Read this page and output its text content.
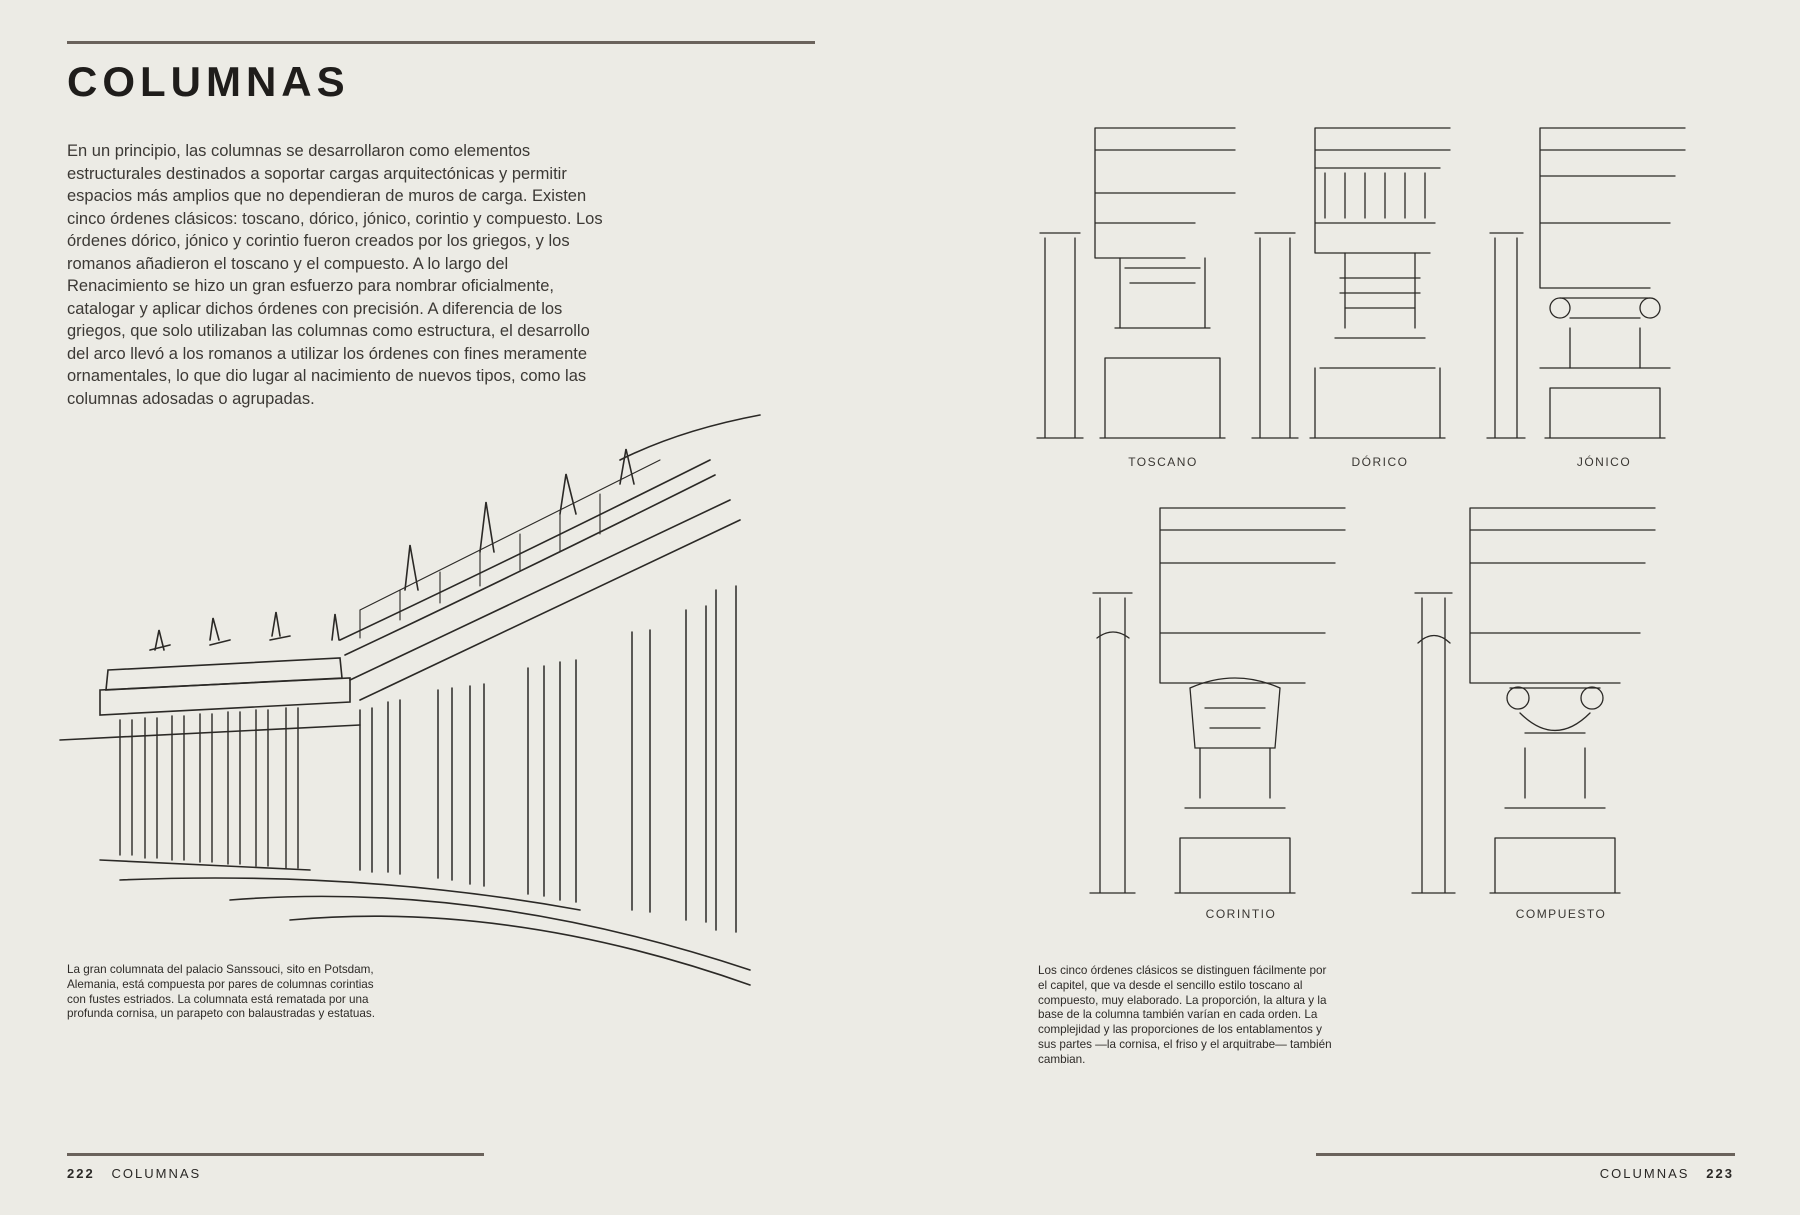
COLUMNAS

En un principio, las columnas se desarrollaron como elementos estructurales destinados a soportar cargas arquitectónicas y permitir espacios más amplios que no dependieran de muros de carga. Existen cinco órdenes clásicos: toscano, dórico, jónico, corintio y compuesto. Los órdenes dórico, jónico y corintio fueron creados por los griegos, y los romanos añadieron el toscano y el compuesto. A lo largo del Renacimiento se hizo un gran esfuerzo para nombrar oficialmente, catalogar y aplicar dichos órdenes con precisión. A diferencia de los griegos, que solo utilizaban las columnas como estructura, el desarrollo del arco llevó a los romanos a utilizar los órdenes con fines meramente ornamentales, lo que dio lugar al nacimiento de nuevos tipos, como las columnas adosadas o agrupadas.

La gran columnata del palacio Sanssouci, sito en Potsdam, Alemania, está compuesta por pares de columnas corintias con fustes estriados. La columnata está rematada por una profunda cornisa, un parapeto con balaustradas y estatuas.

222 COLUMNAS
TOSCANO	DÓRICO	JÓNICO
CORINTIO	COMPUESTO

Los cinco órdenes clásicos se distinguen fácilmente por el capitel, que va desde el sencillo estilo toscano al compuesto, muy elaborado. La proporción, la altura y la base de la columna también varían en cada orden. La complejidad y las proporciones de los entablamentos y sus partes —la cornisa, el friso y el arquitrabe— también cambian.

COLUMNAS 223
